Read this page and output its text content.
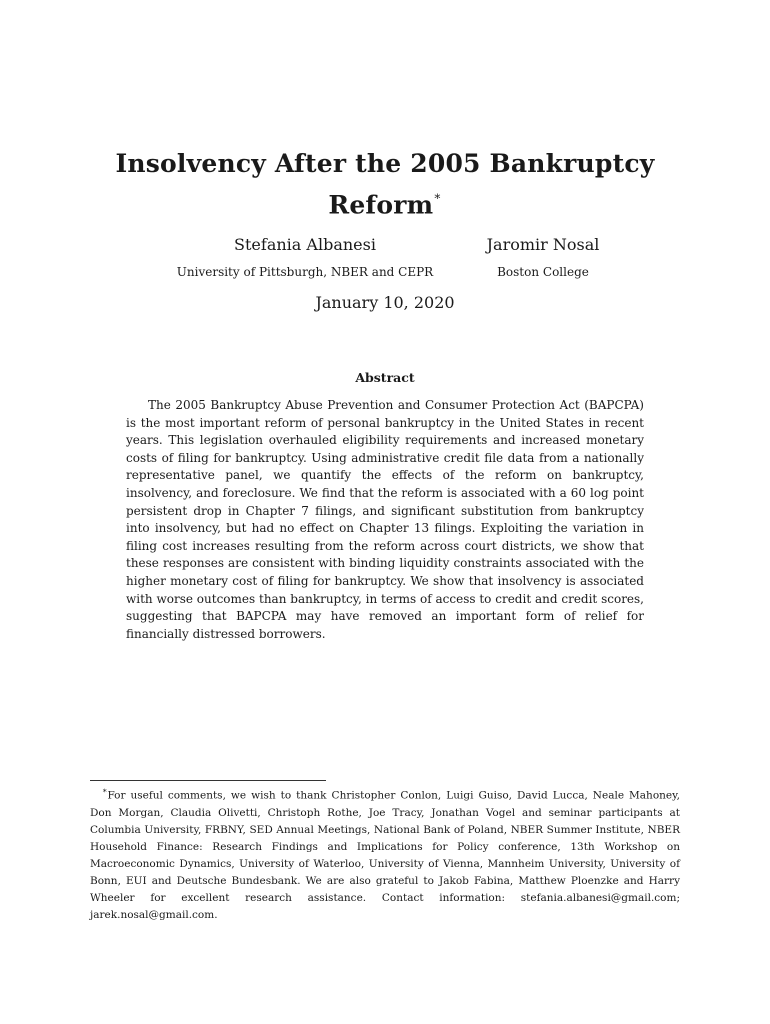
Insolvency After the 2005 Bankruptcy Reform∗
Stefania Albanesi
University of Pittsburgh, NBER and CEPR
Jaromir Nosal
Boston College
January 10, 2020
Abstract
The 2005 Bankruptcy Abuse Prevention and Consumer Protection Act (BAPCPA) is the most important reform of personal bankruptcy in the United States in recent years. This legislation overhauled eligibility requirements and increased monetary costs of filing for bankruptcy. Using administrative credit file data from a nationally representative panel, we quantify the effects of the reform on bankruptcy, insolvency, and foreclosure. We find that the reform is associated with a 60 log point persistent drop in Chapter 7 filings, and significant substitution from bankruptcy into insolvency, but had no effect on Chapter 13 filings. Exploiting the variation in filing cost increases resulting from the reform across court districts, we show that these responses are consistent with binding liquidity constraints associated with the higher monetary cost of filing for bankruptcy. We show that insolvency is associated with worse outcomes than bankruptcy, in terms of access to credit and credit scores, suggesting that BAPCPA may have removed an important form of relief for financially distressed borrowers.
∗For useful comments, we wish to thank Christopher Conlon, Luigi Guiso, David Lucca, Neale Mahoney, Don Morgan, Claudia Olivetti, Christoph Rothe, Joe Tracy, Jonathan Vogel and seminar participants at Columbia University, FRBNY, SED Annual Meetings, National Bank of Poland, NBER Summer Institute, NBER Household Finance: Research Findings and Implications for Policy conference, 13th Workshop on Macroeconomic Dynamics, University of Waterloo, University of Vienna, Mannheim University, University of Bonn, EUI and Deutsche Bundesbank. We are also grateful to Jakob Fabina, Matthew Ploenzke and Harry Wheeler for excellent research assistance. Contact information: stefania.albanesi@gmail.com; jarek.nosal@gmail.com.
